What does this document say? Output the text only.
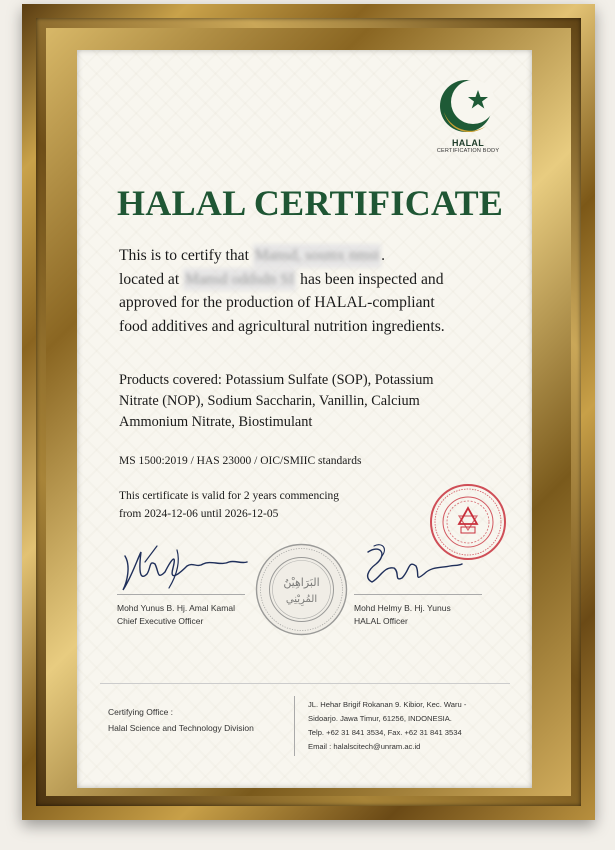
HALAL
CERTIFICATION BODY
HALAL CERTIFICATE
This is to certify that Mansd, sosmx nmst .
located at Mansd oddsdn SI has been inspected and approved for the production of HALAL-compliant food additives and agricultural nutrition ingredients.
Products covered: Potassium Sulfate (SOP), Potassium Nitrate (NOP), Sodium Saccharin, Vanillin, Calcium Ammonium Nitrate, Biostimulant
MS 1500:2019 / HAS 23000 / OIC/SMIIC standards
This certificate is valid for 2 years commencing
from 2024-12-06 until 2026-12-05
البَرَاهِيْنُ
المُرِيْنِي
Mohd Yunus B. Hj. Amal Kamal
Chief Executive Officer
Mohd Helmy B. Hj. Yunus
HALAL Officer
Certifying Office :
Halal Science and Technology Division
JL. Hehar Brigif Rokanan 9. Kibior, Kec. Waru -
Sidoarjo. Jawa Timur, 61256, INDONESIA.
Telp. +62 31 841 3534, Fax. +62 31 841 3534
Email : halalscitech@unram.ac.id
